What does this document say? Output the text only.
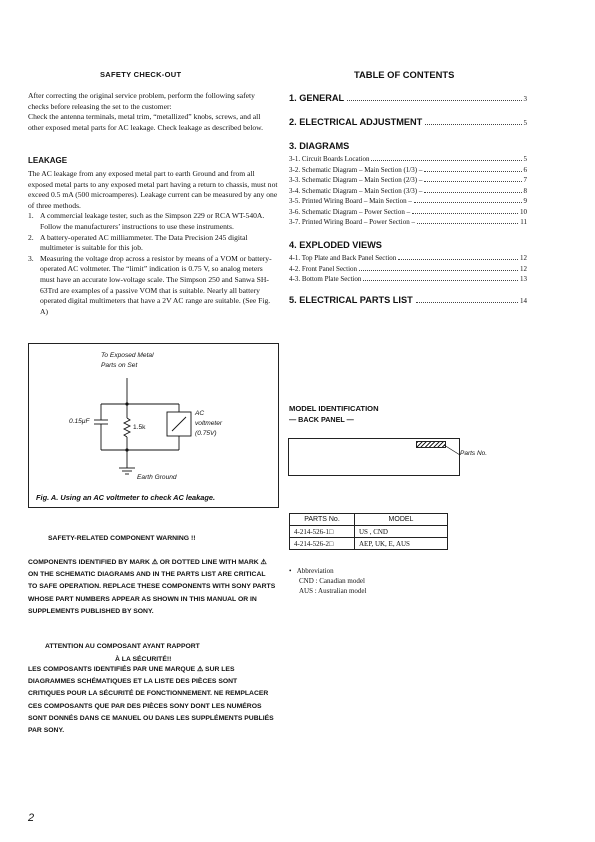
SAFETY CHECK-OUT
After correcting the original service problem, perform the following safety checks before releasing the set to the customer:
Check the antenna terminals, metal trim, “metallized” knobs, screws, and all other exposed metal parts for AC leakage. Check leakage as described below.
LEAKAGE
The AC leakage from any exposed metal part to earth Ground and from all exposed metal parts to any exposed metal part having a return to chassis, must not exceed 0.5 mA (500 microamperes). Leakage current can be measured by any one of three methods.
1. A commercial leakage tester, such as the Simpson 229 or RCA WT-540A. Follow the manufacturers’ instructions to use these instruments.
2. A battery-operated AC milliammeter. The Data Precision 245 digital multimeter is suitable for this job.
3. Measuring the voltage drop across a resistor by means of a VOM or battery-operated AC voltmeter. The “limit” indication is 0.75 V, so analog meters must have an accurate low-voltage scale. The Simpson 250 and Sanwa SH-63Trd are examples of a passive VOM that is suitable. Nearly all battery operated digital multimeters that have a 2V AC range are suitable. (See Fig. A)
To Exposed Metal
Parts on Set
0.15μF
1.5k
AC
voltmeter
(0.75V)
Earth Ground
Fig. A. Using an AC voltmeter to check AC leakage.
SAFETY-RELATED COMPONENT WARNING !!
COMPONENTS IDENTIFIED BY MARK ⚠ OR DOTTED LINE WITH MARK ⚠ ON THE SCHEMATIC DIAGRAMS AND IN THE PARTS LIST ARE CRITICAL TO SAFE OPERATION. REPLACE THESE COMPONENTS WITH SONY PARTS WHOSE PART NUMBERS APPEAR AS SHOWN IN THIS MANUAL OR IN SUPPLEMENTS PUBLISHED BY SONY.
ATTENTION AU COMPOSANT AYANT RAPPORT
À LA SÉCURITÉ!!
LES COMPOSANTS IDENTIFIÉS PAR UNE MARQUE ⚠ SUR LES DIAGRAMMES SCHÉMATIQUES ET LA LISTE DES PIÈCES SONT CRITIQUES POUR LA SÉCURITÉ DE FONCTIONNEMENT. NE REMPLACER CES COMPOSANTS QUE PAR DES PIÈCES SONY DONT LES NUMÉROS SONT DONNÉS DANS CE MANUEL OU DANS LES SUPPLÉMENTS PUBLIÉS PAR SONY.
2
TABLE OF CONTENTS
1. GENERAL	3
2. ELECTRICAL ADJUSTMENT	5
3. DIAGRAMS
3-1. Circuit Boards Location	5
3-2. Schematic Diagram – Main Section (1/3) –	6
3-3. Schematic Diagram – Main Section (2/3) –	7
3-4. Schematic Diagram – Main Section (3/3) –	8
3-5. Printed Wiring Board – Main Section –	9
3-6. Schematic Diagram – Power Section –	10
3-7. Printed Wiring Board – Power Section –	11
4. EXPLODED VIEWS
4-1. Top Plate and Back Panel Section	12
4-2. Front Panel Section	12
4-3. Bottom Plate Section	13
5. ELECTRICAL PARTS LIST	14
MODEL IDENTIFICATION
— BACK PANEL —
Parts No.
PARTS No.	MODEL
4-214-526-1□	US , CND
4-214-526-2□	AEP, UK, E, AUS
•   Abbreviation
CND : Canadian model
AUS : Australian model
